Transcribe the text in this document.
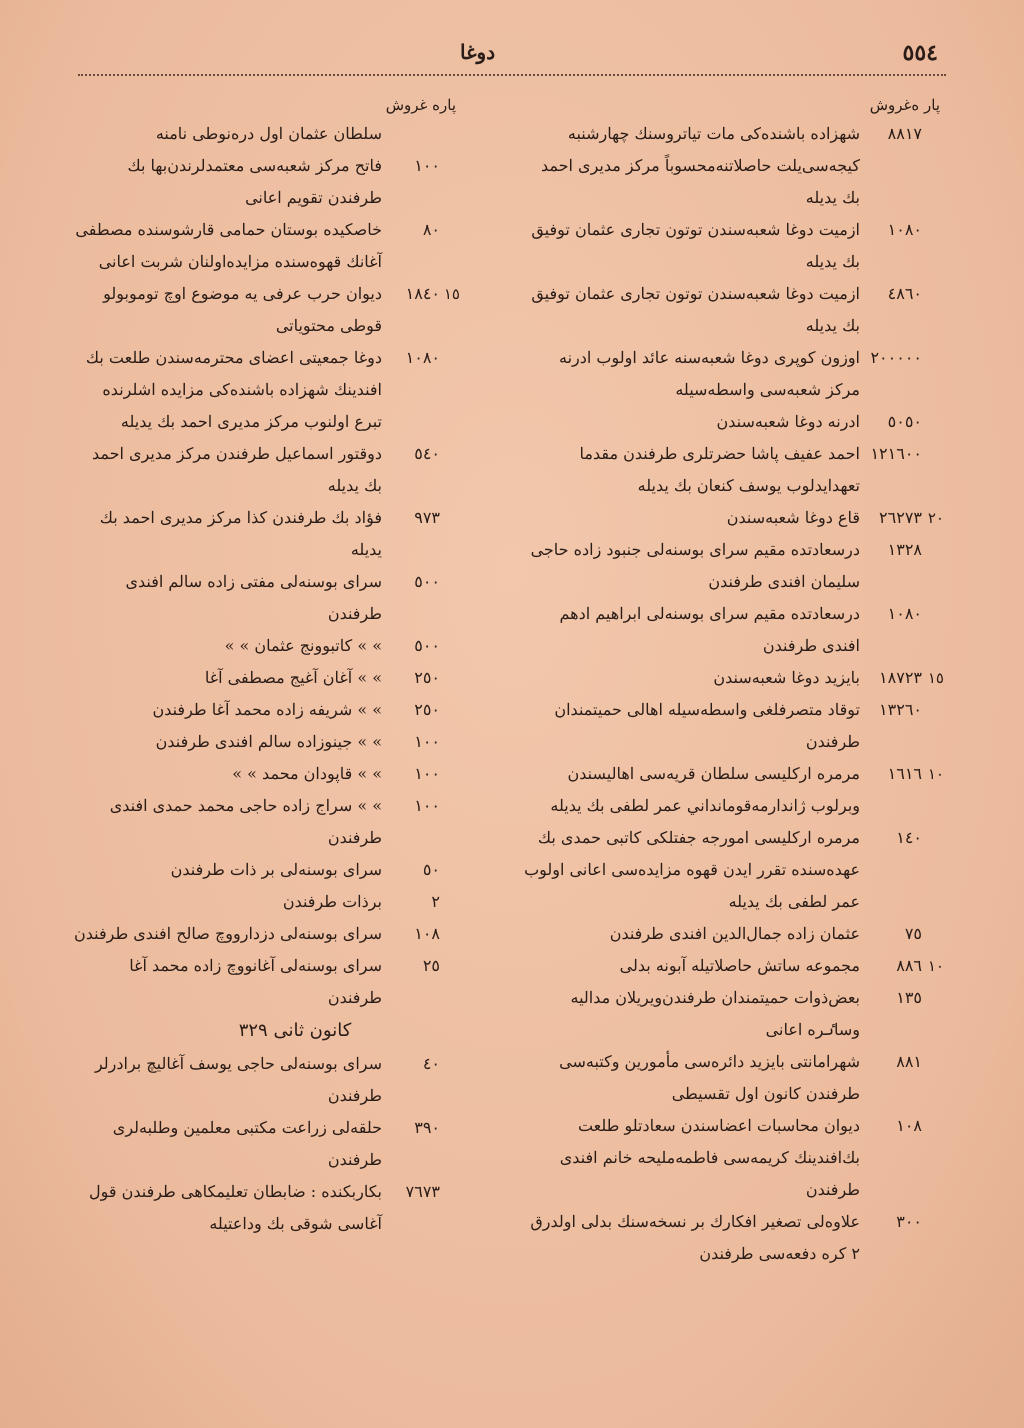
٥٥٤
دوغا
پار ه‌غروش
٨٨١٧
شهزاده باشنده‌كی مات تیاتروسنك چهارشنبه كیجه‌سی‌یلت حاصلاتنه‌محسوباً مركز مدیری احمد بك یدیله
١٠٨٠
ازمیت دوغا شعبه‌سندن توتون تجاری عثمان توفیق بك یدیله
٤٨٦٠
ازمیت دوغا شعبه‌سندن توتون تجاری عثمان توفیق بك یدیله
٢٠٠٠٠٠
اوزون كوپری دوغا شعبه‌سنه عائد اولوب ادرنه مركز شعبه‌سی واسطه‌سیله
٥٠٥٠
ادرنه دوغا شعبه‌سندن
١٢١٦٠٠
احمد عفیف پاشا حضرتلری طرفندن مقدما تعهداید‌لوب یوسف كنعان بك یدیله
٢٠
٢٦٢٧٣
قاع دوغا شعبه‌سندن
١٣٢٨
درسعادتده مقیم سرای بوسنه‌لی جنبود زاده حاجی سلیمان افندی طرفندن
١٠٨٠
درسعادتده مقیم سرای بوسنه‌لی ابراهیم ادهم افندی طرفندن
١٥
١٨٧٢٣
بایزید دوغا شعبه‌سندن
١٣٢٦٠
توقاد متصرفلغی واسطه‌سیله اهالی حمیتمندان طرفندن
١٠
١٦١٦
مرمره اركلیسی سلطان قریه‌سی اهالیسندن وبرلوب ژاندارمه‌قومانداني عمر لطفی بك یدیله
١٤٠
مرمره اركلیسی امورجه جفتلكی كاتبی حمدی بك عهده‌سنده تقرر ایدن قهوه مزایده‌سی اعانی اولوب عمر لطفی بك یدیله
٧٥
عثمان زاده جمال‌الدین افندی طرفندن
١٠
٨٨٦
مجموعه ساتش حاصلاتیله آبونه بدلی
١٣٥
بعض‌ذوات حمیتمندان طرفندن‌ویریلان مدالیه وساٸره اعانی
٨٨١
شهرامانتی بایزید دائره‌سی مأمورین وكتبه‌سی طرفندن كانون اول تقسیطی
١٠٨
دیوان محاسبات اعضاسندن سعادتلو طلعت بك‌افندینك كریمه‌سی فاطمه‌ملیحه خانم افندی طرفندن
٣٠٠
علاوه‌لی تصغیر افكارك بر نسخه‌سنك بدلی اولدرق ٢ كره دفعه‌سی طرفندن
پاره غروش
سلطان عثمان اول دره‌نوطی نامنه
١٠٠
فاتح مركز شعبه‌سی معتمدلرندن‌بها بك طرفندن تقویم اعانی
٨٠
خاصكیده بوستان حمامی قارشوسنده مصطفی آغانك قهوه‌سنده مزایده‌اولنان شربت اعانی
١٥
١٨٤٠
دیوان حرب عرفی یه موضوع اوچ توموبولو قوطی محتویاتی
١٠٨٠
دوغا جمعیتی اعضای محترمه‌سندن طلعت بك افندینك شهزاده باشنده‌كی مزایده اشلرنده تبرع اولنوب مركز مدیری احمد بك یدیله
٥٤٠
دوقتور اسماعیل طرفندن مركز مدیری احمد بك یدیله
٩٧٣
فؤاد بك طرفندن كذا مركز مدیری احمد بك یدیله
٥٠٠
سرای بوسنه‌لی مفتی زاده سالم افندی طرفندن
٥٠٠
» » كاتبوونج عثمان » »
٢٥٠
» » آغان آغیج مصطفی آغا
٢٥٠
» » شریفه زاده محمد آغا طرفندن
١٠٠
» » جینوزاده سالم افندی طرفندن
١٠٠
» » قاپودان محمد » »
١٠٠
» » سراج زاده حاجی محمد حمدی افندی طرفندن
٥٠
سرای بوسنه‌لی بر ذات طرفندن
٢
برذات طرفندن
١٠٨
سرای بوسنه‌لی دزدارووچ صالح افندی طرفندن
٢٥
سرای بوسنه‌لی آغانووچ زاده محمد آغا طرفندن
كانون ثانی ٣٢٩
٤٠
سرای بوسنه‌لی حاجی یوسف آغالیچ برادرلر طرفندن
٣٩٠
حلقه‌لی زراعت مكتبی معلمین وطلبه‌لری طرفندن
٧٦٧٣
بكاربكنده : ضابطان تعلیمكاهی طرفندن قول آغاسی شوقی بك وداعتیله
